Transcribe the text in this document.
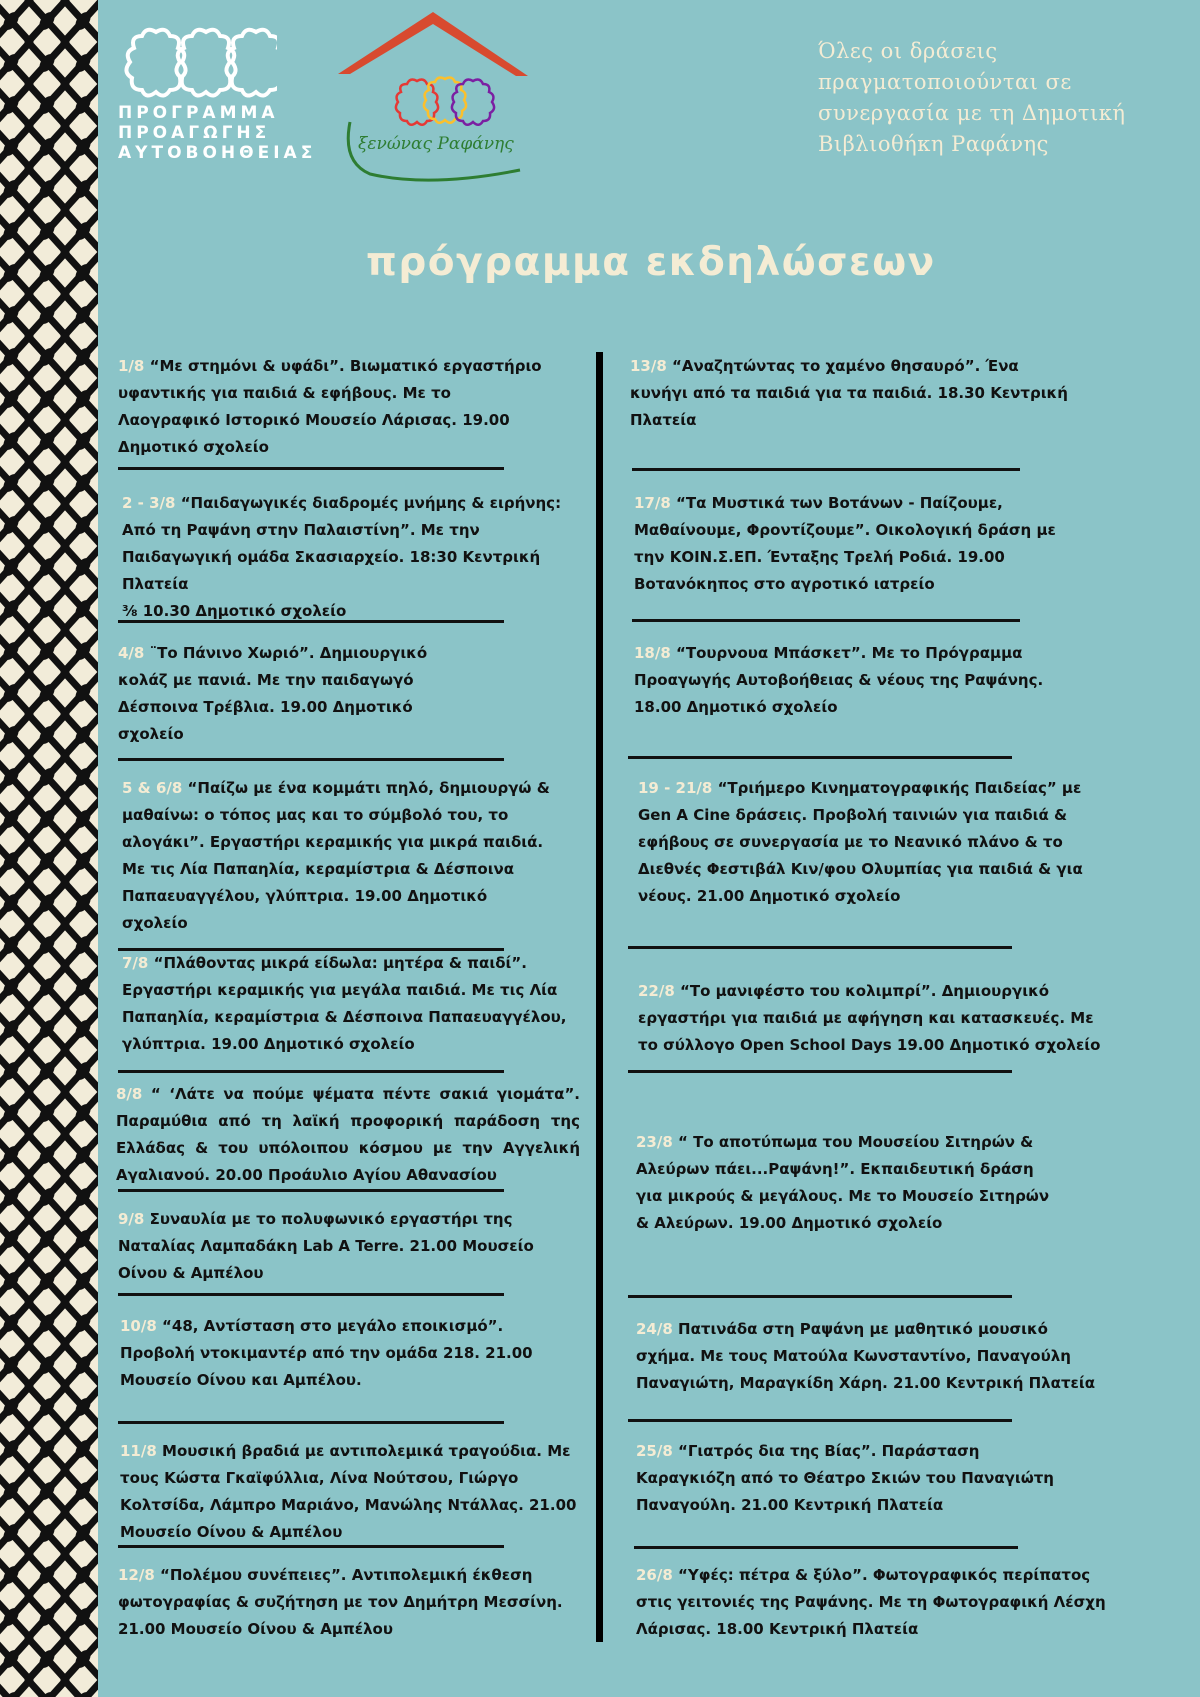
ΠΡΟΓΡΑΜΜΑ
ΠΡΟΑΓΩΓΗΣ
ΑΥΤΟΒΟΗΘΕΙΑΣ ξενώνας Ραφάνης
Όλες οι δράσεις πραγματοποιούνται σε συνεργασία με τη Δημοτική Βιβλιοθήκη Ραφάνης
πρόγραμμα εκδηλώσεων
1/8 “Με στημόνι & υφάδι”. Βιωματικό εργαστήριο υφαντικής για παιδιά & εφήβους. Με το Λαογραφικό Ιστορικό Μουσείο Λάρισας. 19.00 Δημοτικό σχολείο
2 - 3/8 “Παιδαγωγικές διαδρομές μνήμης & ειρήνης: Από τη Ραψάνη στην Παλαιστίνη”. Με την Παιδαγωγική ομάδα Σκασιαρχείο. 18:30 Κεντρική Πλατεία
⅜ 10.30 Δημοτικό σχολείο
4/8 ¨Το Πάνινο Χωριό”. Δημιουργικό κολάζ με πανιά. Με την παιδαγωγό Δέσποινα Τρέβλια. 19.00 Δημοτικό σχολείο
5 & 6/8 “Παίζω με ένα κομμάτι πηλό, δημιουργώ & μαθαίνω: ο τόπος μας και το σύμβολό του, το αλογάκι”. Εργαστήρι κεραμικής για μικρά παιδιά. Με τις Λία Παπαηλία, κεραμίστρια & Δέσποινα Παπαευαγγέλου, γλύπτρια. 19.00 Δημοτικό σχολείο
7/8 “Πλάθοντας μικρά είδωλα: μητέρα & παιδί”. Εργαστήρι κεραμικής για μεγάλα παιδιά. Με τις Λία Παπαηλία, κεραμίστρια & Δέσποινα Παπαευαγγέλου, γλύπτρια. 19.00 Δημοτικό σχολείο
8/8 “ ‘Λάτε να πούμε ψέματα πέντε σακιά γιομάτα”. Παραμύθια από τη λαϊκή προφορική παράδοση της Ελλάδας & του υπόλοιπου κόσμου με την Αγγελική Αγαλιανού. 20.00 Προάυλιο Αγίου Αθανασίου
9/8 Συναυλία με το πολυφωνικό εργαστήρι της Ναταλίας Λαμπαδάκη Lab A Terre. 21.00 Μουσείο Οίνου & Αμπέλου
10/8 “48, Αντίσταση στο μεγάλο εποικισμό”. Προβολή ντοκιμαντέρ από την ομάδα 218. 21.00 Μουσείο Οίνου και Αμπέλου.
11/8 Μουσική βραδιά με αντιπολεμικά τραγούδια. Με τους Κώστα Γκαϊφύλλια, Λίνα Νούτσου, Γιώργο Κολτσίδα, Λάμπρο Μαριάνο, Μανώλης Ντάλλας. 21.00 Μουσείο Οίνου & Αμπέλου
12/8 “Πολέμου συνέπειες”. Αντιπολεμική έκθεση φωτογραφίας & συζήτηση με τον Δημήτρη Μεσσίνη. 21.00 Μουσείο Οίνου & Αμπέλου
13/8 “Αναζητώντας το χαμένο θησαυρό”. Ένα κυνήγι από τα παιδιά για τα παιδιά. 18.30 Κεντρική Πλατεία
17/8 “Τα Μυστικά των Βοτάνων - Παίζουμε, Μαθαίνουμε, Φροντίζουμε”. Οικολογική δράση με την ΚΟΙΝ.Σ.ΕΠ. Ένταξης Τρελή Ροδιά. 19.00 Βοτανόκηπος στο αγροτικό ιατρείο
18/8 “Τουρνουα Μπάσκετ”. Με το Πρόγραμμα Προαγωγής Αυτοβοήθειας & νέους της Ραψάνης. 18.00 Δημοτικό σχολείο
19 - 21/8 “Τριήμερο Κινηματογραφικής Παιδείας” με Gen A Cine δράσεις. Προβολή ταινιών για παιδιά & εφήβους σε συνεργασία με το Νεανικό πλάνο & το Διεθνές Φεστιβάλ Κιν/φου Ολυμπίας για παιδιά & για νέους. 21.00 Δημοτικό σχολείο
22/8 “Το μανιφέστο του κολιμπρί”. Δημιουργικό εργαστήρι για παιδιά με αφήγηση και κατασκευές. Με το σύλλογο Open School Days 19.00 Δημοτικό σχολείο
23/8 “ Το αποτύπωμα του Μουσείου Σιτηρών & Αλεύρων πάει...Ραψάνη!”. Εκπαιδευτική δράση για μικρούς & μεγάλους. Με το Μουσείο Σιτηρών & Αλεύρων. 19.00 Δημοτικό σχολείο
24/8 Πατινάδα στη Ραψάνη με μαθητικό μουσικό σχήμα. Με τους Ματούλα Κωνσταντίνο, Παναγούλη Παναγιώτη, Μαραγκίδη Χάρη. 21.00 Κεντρική Πλατεία
25/8 “Γιατρός δια της Βίας”. Παράσταση Καραγκιόζη από το Θέατρο Σκιών του Παναγιώτη Παναγούλη. 21.00 Κεντρική Πλατεία
26/8 “Υφές: πέτρα & ξύλο”. Φωτογραφικός περίπατος στις γειτονιές της Ραψάνης. Με τη Φωτογραφική Λέσχη Λάρισας. 18.00 Κεντρική Πλατεία
